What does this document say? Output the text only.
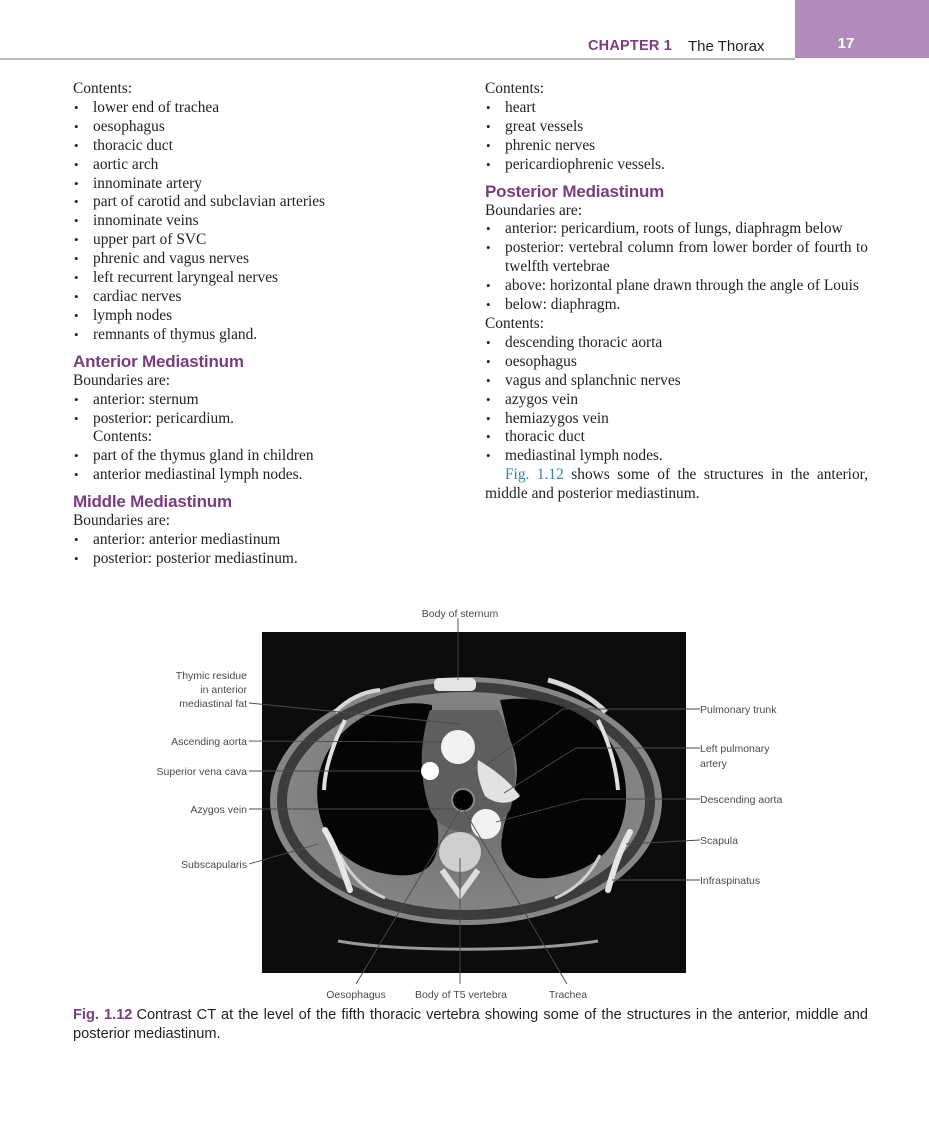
CHAPTER 1 The Thorax	17
Contents:
• lower end of trachea
• oesophagus
• thoracic duct
• aortic arch
• innominate artery
• part of carotid and subclavian arteries
• innominate veins
• upper part of SVC
• phrenic and vagus nerves
• left recurrent laryngeal nerves
• cardiac nerves
• lymph nodes
• remnants of thymus gland.
Anterior Mediastinum
Boundaries are:
• anterior: sternum
• posterior: pericardium.
Contents:
• part of the thymus gland in children
• anterior mediastinal lymph nodes.
Middle Mediastinum
Boundaries are:
• anterior: anterior mediastinum
• posterior: posterior mediastinum.
Contents:
• heart
• great vessels
• phrenic nerves
• pericardiophrenic vessels.
Posterior Mediastinum
Boundaries are:
• anterior: pericardium, roots of lungs, diaphragm below
• posterior: vertebral column from lower border of fourth to twelfth vertebrae
• above: horizontal plane drawn through the angle of Louis
• below: diaphragm.
Contents:
• descending thoracic aorta
• oesophagus
• vagus and splanchnic nerves
• azygos vein
• hemiazygos vein
• thoracic duct
• mediastinal lymph nodes.

Fig. 1.12 shows some of the structures in the anterior, middle and posterior mediastinum.

Body of sternum
Thymic residue
in anterior
mediastinal fat
Ascending aorta
Superior vena cava
Azygos vein
Subscapularis
Pulmonary trunk
Left pulmonary
artery
Descending aorta
Scapula
Infraspinatus
Oesophagus	Body of T5 vertebra	Trachea

Fig. 1.12 Contrast CT at the level of the fifth thoracic vertebra showing some of the structures in the anterior, middle and posterior mediastinum.
